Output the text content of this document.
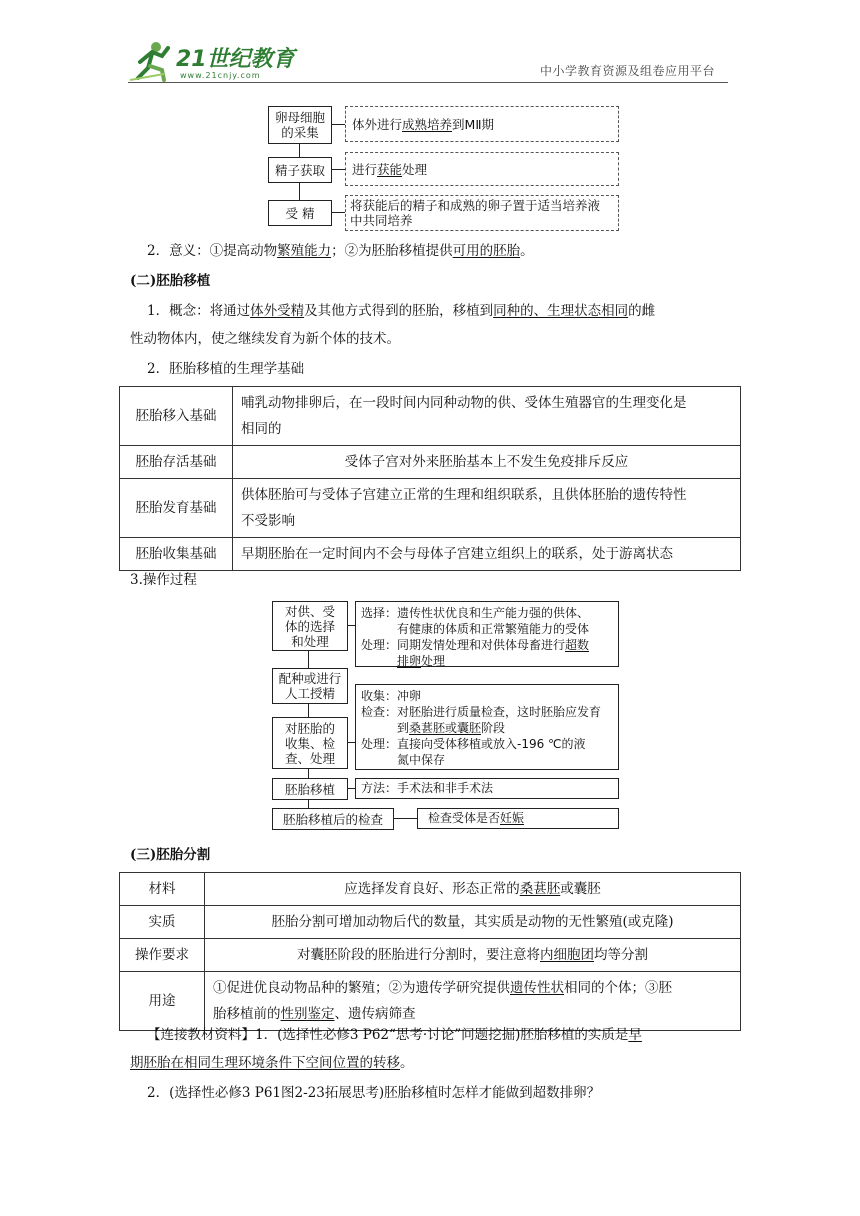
21世纪教育
www.21cnjy.com	中小学教育资源及组卷应用平台
卵母细胞
的采集
精子获取
受 精
体外进行 成熟培养 到MⅡ期
进行 获能 处理
将获能后的精子和成熟的卵子置于适当培养液
中共同培养

2．意义：①提高动物繁殖能力；②为胚胎移植提供可用的胚胎。

(二)胚胎移植

1．概念：将通过体外受精及其他方式得到的胚胎，移植到同种的、生理状态相同的雌

性动物体内，使之继续发育为新个体的技术。

2．胚胎移植的生理学基础

胚胎移入基础	哺乳动物排卵后，在一段时间内同种动物的供、受体生殖器官的生理变化是
相同的

胚胎存活基础	受体子宫对外来胚胎基本上不发生免疫排斥反应
胚胎发育基础	供体胚胎可与受体子宫建立正常的生理和组织联系，且供体胚胎的遗传特性
不受影响

胚胎收集基础	早期胚胎在一定时间内不会与母体子宫建立组织上的联系，处于游离状态

3.操作过程

对供、受
体的选择
和处理
配种或进行
人工授精
对胚胎的
收集、检
查、处理
胚胎移植
胚胎移植后的检查
选择：遗传性状优良和生产能力强的供体、
有健康的体质和正常繁殖能力的受体
处理：同期发情处理和对供体母畜进行超数
排卵处理
收集：冲卵
检查：对胚胎进行质量检查，这时胚胎应发育
到桑葚胚或囊胚阶段
处理：直接向受体移植或放入-196 ℃的液
氮中保存
方法：手术法和非手术法
检查受体是否妊娠

(三)胚胎分割

材料	应选择发育良好、形态正常的桑葚胚或囊胚
实质	胚胎分割可增加动物后代的数量，其实质是动物的无性繁殖(或克隆)
操作要求	对囊胚阶段的胚胎进行分割时，要注意将内细胞团均等分割
用途	①促进优良动物品种的繁殖；②为遗传学研究提供遗传性状相同的个体；③胚
胎移植前的性别鉴定、遗传病筛查

【连接教材资料】1．(选择性必修3 P62“思考·讨论”问题挖掘)胚胎移植的实质是早

期胚胎在相同生理环境条件下空间位置的转移。

2．(选择性必修3 P61图2-23拓展思考)胚胎移植时怎样才能做到超数排卵？
